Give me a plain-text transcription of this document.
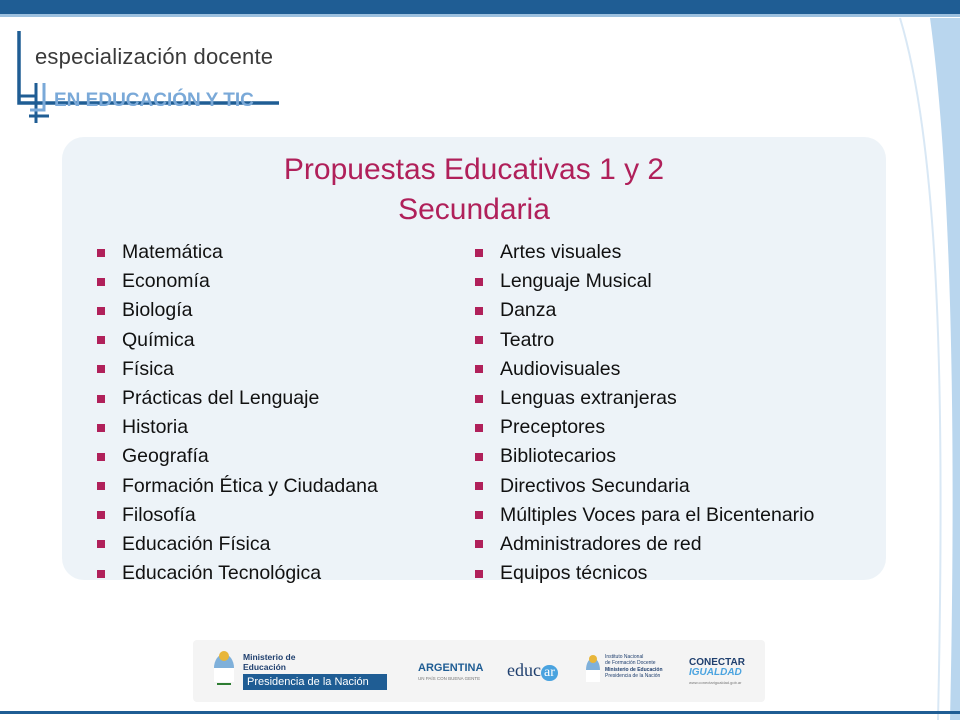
especialización docente
EN EDUCACIÓN Y TIC
Propuestas Educativas 1 y 2
Secundaria
Matemática
Economía
Biología
Química
Física
Prácticas del Lenguaje
Historia
Geografía
Formación Ética y Ciudadana
Filosofía
Educación Física
Educación Tecnológica
Artes visuales
Lenguaje Musical
Danza
Teatro
Audiovisuales
Lenguas extranjeras
Preceptores
Bibliotecarios
Directivos Secundaria
Múltiples Voces para el Bicentenario
Administradores de red
Equipos técnicos
Ministerio de
Educación
Presidencia de la Nación
ARGENTINA
UN PAÍS CON BUENA GENTE educ ar
Instituto Nacional
de Formación Docente
Ministerio de Educación
Presidencia de la Nación
CONECTAR
IGUALDAD
www.conectarigualdad.gob.ar
